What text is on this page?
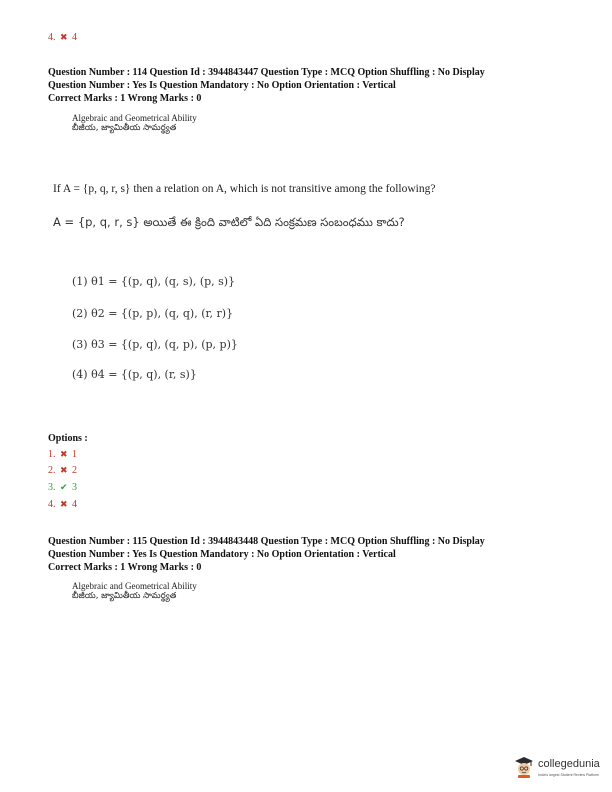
4. ✖ 4
Question Number : 114 Question Id : 3944843447 Question Type : MCQ Option Shuffling : No Display
Question Number : Yes Is Question Mandatory : No Option Orientation : Vertical
Correct Marks : 1 Wrong Marks : 0
Algebraic and Geometrical Ability
బీజీయ, జ్యామితీయ సామర్థ్యత
If A = {p, q, r, s} then a relation on A, which is not transitive among the following?
A = {p, q, r, s} అయితే ఈ క్రింది వాటిలో ఏది సంక్రమణ సంబంధము కాదు?
(1) θ1 = {(p, q), (q, s), (p, s)}
(2) θ2 = {(p, p), (q, q), (r, r)}
(3) θ3 = {(p, q), (q, p), (p, p)}
(4) θ4 = {(p, q), (r, s)}
Options :
1. ✖ 1
2. ✖ 2
3. ✔ 3
4. ✖ 4
Question Number : 115 Question Id : 3944843448 Question Type : MCQ Option Shuffling : No Display
Question Number : Yes Is Question Mandatory : No Option Orientation : Vertical
Correct Marks : 1 Wrong Marks : 0
Algebraic and Geometrical Ability
బీజీయ, జ్యామితీయ సామర్థ్యత
collegedunia
India's largest Student Review Platform
